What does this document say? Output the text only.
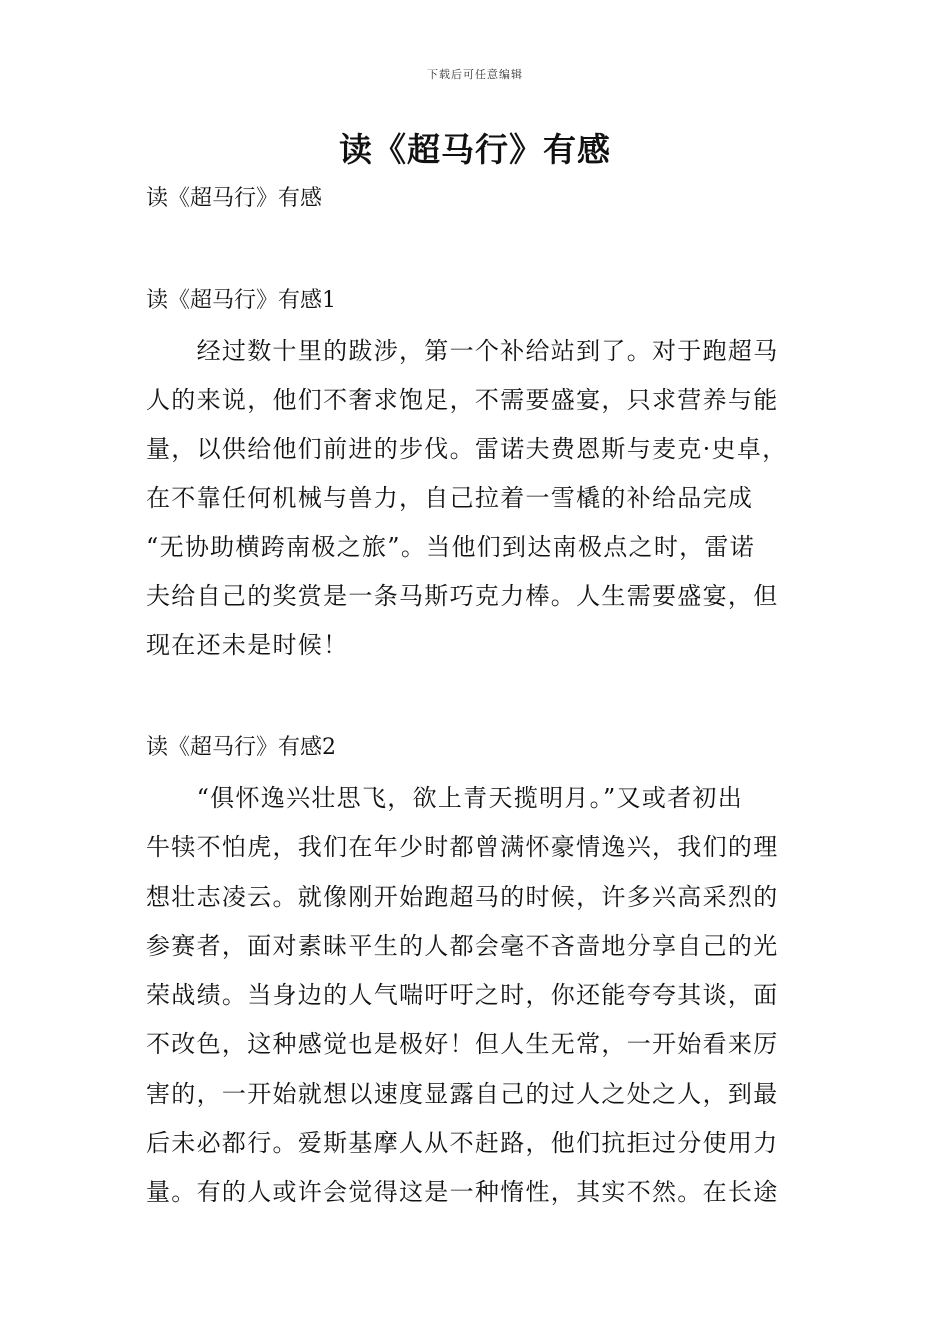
下载后可任意编辑
读《超马行》有感
读《超马行》有感
读《超马行》有感1
　　经过数十里的跋涉，第一个补给站到了。对于跑超马
人的来说，他们不奢求饱足，不需要盛宴，只求营养与能
量，以供给他们前进的步伐。雷诺夫费恩斯与麦克·史卓，
在不靠任何机械与兽力，自己拉着一雪橇的补给品完成
“无协助横跨南极之旅”。当他们到达南极点之时，雷诺
夫给自己的奖赏是一条马斯巧克力棒。人生需要盛宴，但
现在还未是时候！
读《超马行》有感2
　　“俱怀逸兴壮思飞，欲上青天揽明月。”又或者初出
牛犊不怕虎，我们在年少时都曾满怀豪情逸兴，我们的理
想壮志凌云。就像刚开始跑超马的时候，许多兴高采烈的
参赛者，面对素昧平生的人都会毫不吝啬地分享自己的光
荣战绩。当身边的人气喘吁吁之时，你还能夸夸其谈，面
不改色，这种感觉也是极好！但人生无常，一开始看来厉
害的，一开始就想以速度显露自己的过人之处之人，到最
后未必都行。爱斯基摩人从不赶路，他们抗拒过分使用力
量。有的人或许会觉得这是一种惰性，其实不然。在长途
